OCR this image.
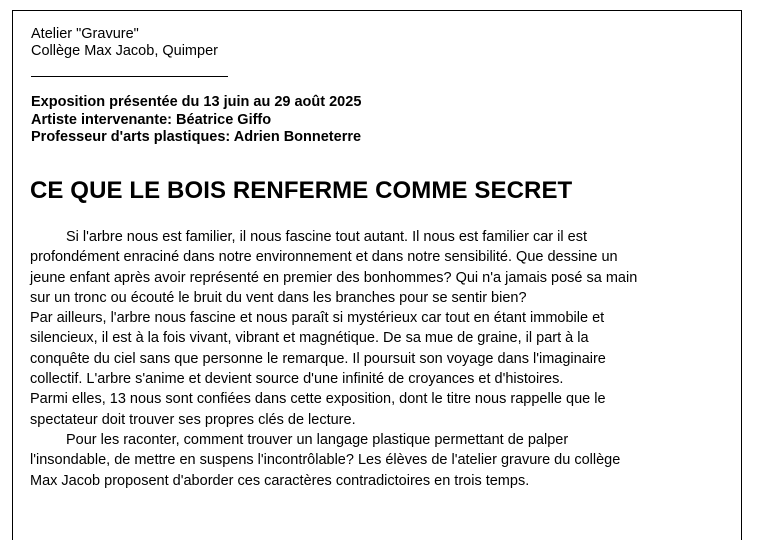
Atelier "Gravure"
Collège Max Jacob, Quimper
Exposition présentée du 13 juin au 29 août 2025
Artiste intervenante: Béatrice Giffo
Professeur d'arts plastiques: Adrien Bonneterre
CE QUE LE BOIS RENFERME COMME SECRET

Si l'arbre nous est familier, il nous fascine tout autant. Il nous est familier car il est

profondément enraciné dans notre environnement et dans notre sensibilité. Que dessine un

jeune enfant après avoir représenté en premier des bonhommes? Qui n'a jamais posé sa main

sur un tronc ou écouté le bruit du vent dans les branches pour se sentir bien?

Par ailleurs, l'arbre nous fascine et nous paraît si mystérieux car tout en étant immobile et

silencieux, il est à la fois vivant, vibrant et magnétique. De sa mue de graine, il part à la

conquête du ciel sans que personne le remarque. Il poursuit son voyage dans l'imaginaire

collectif. L'arbre s'anime et devient source d'une infinité de croyances et d'histoires.

Parmi elles, 13 nous sont confiées dans cette exposition, dont le titre nous rappelle que le

spectateur doit trouver ses propres clés de lecture.

Pour les raconter, comment trouver un langage plastique permettant de palper

l'insondable, de mettre en suspens l'incontrôlable? Les élèves de l'atelier gravure du collège

Max Jacob proposent d'aborder ces caractères contradictoires en trois temps.
